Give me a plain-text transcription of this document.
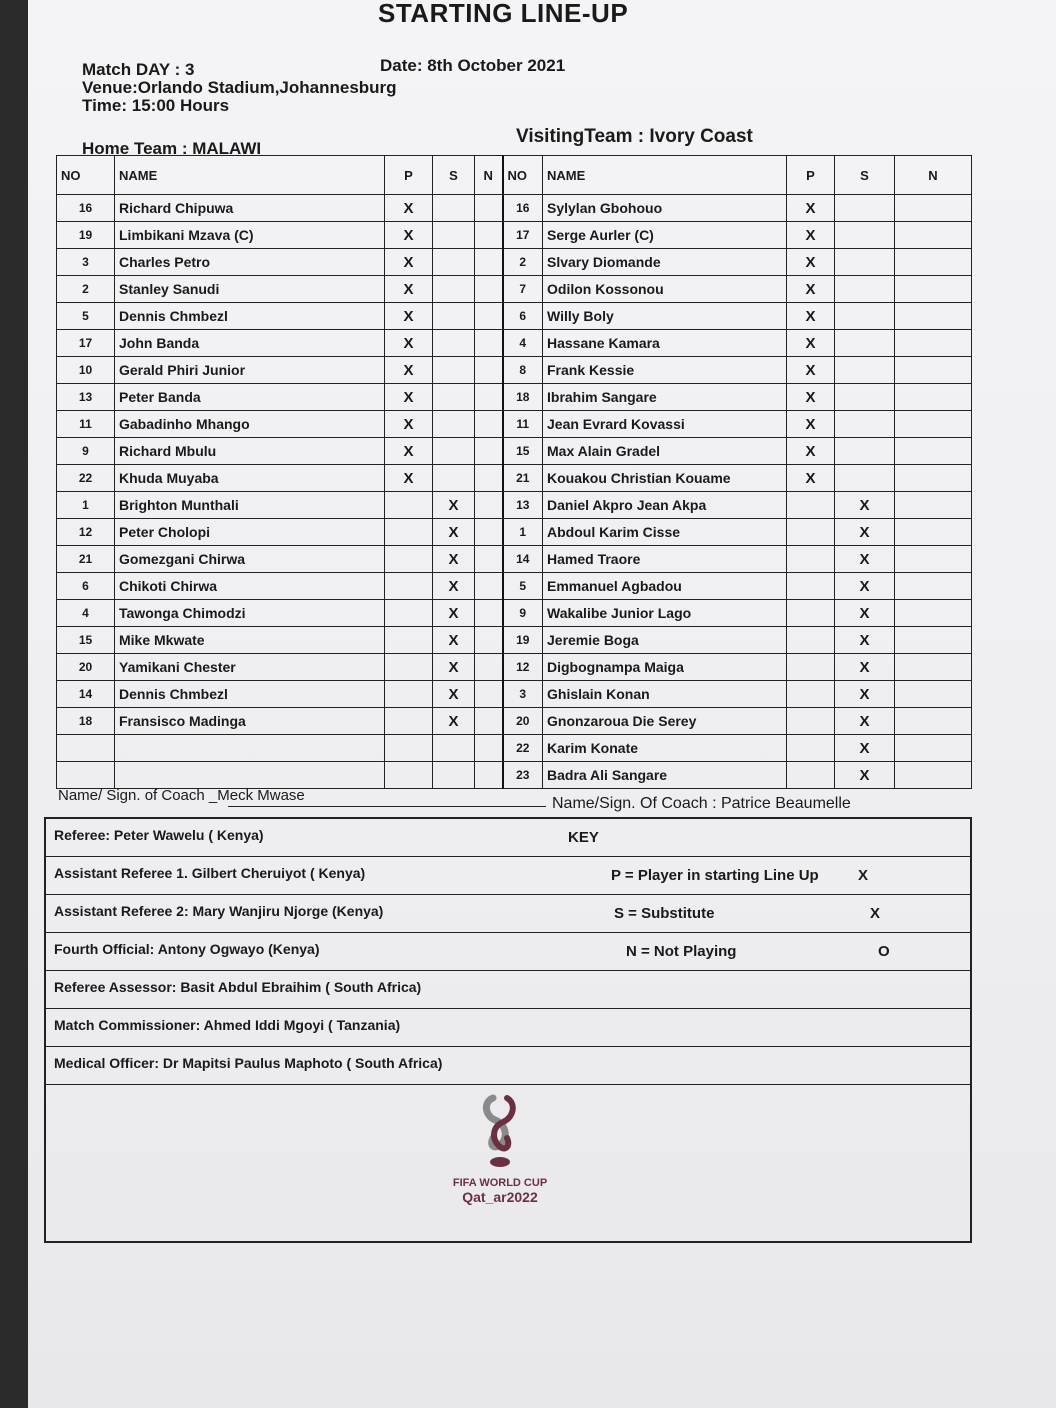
STARTING LINE-UP
Match DAY : 3	Date: 8th October 2021
Venue:Orlando Stadium,Johannesburg
Time: 15:00 Hours
Home Team : MALAWI
VisitingTeam : Ivory Coast
NO	NAME	P	S	N	NO	NAME	P	S	N
16	Richard Chipuwa	X			16	Sylylan Gbohouo	X		
19	Limbikani Mzava (C)	X			17	Serge Aurler (C)	X		
3	Charles Petro	X			2	Slvary Diomande	X		
2	Stanley Sanudi	X			7	Odilon Kossonou	X		
5	Dennis Chmbezl	X			6	Willy Boly	X		
17	John Banda	X			4	Hassane Kamara	X		
10	Gerald Phiri Junior	X			8	Frank Kessie	X		
13	Peter Banda	X			18	Ibrahim Sangare	X		
11	Gabadinho Mhango	X			11	Jean Evrard Kovassi	X		
9	Richard Mbulu	X			15	Max Alain Gradel	X		
22	Khuda Muyaba	X			21	Kouakou Christian Kouame	X		
1	Brighton Munthali		X		13	Daniel Akpro Jean Akpa		X	
12	Peter Cholopi		X		1	Abdoul Karim Cisse		X	
21	Gomezgani Chirwa		X		14	Hamed Traore		X	
6	Chikoti Chirwa		X		5	Emmanuel Agbadou		X	
4	Tawonga Chimodzi		X		9	Wakalibe Junior Lago		X	
15	Mike Mkwate		X		19	Jeremie Boga		X	
20	Yamikani Chester		X		12	Digbognampa Maiga		X	
14	Dennis Chmbezl		X		3	Ghislain Konan		X	
18	Fransisco Madinga		X		20	Gnonzaroua Die Serey		X	
					22	Karim Konate		X	
					23	Badra Ali Sangare		X	
Name/ Sign. of Coach _Meck Mwase	Name/Sign. Of Coach : Patrice Beaumelle
Referee: Peter Wawelu ( Kenya)	KEY
Assistant Referee 1. Gilbert Cheruiyot ( Kenya)	P = Player in starting Line Up	X
Assistant Referee 2: Mary Wanjiru Njorge (Kenya)	S = Substitute	X
Fourth Official: Antony Ogwayo (Kenya)	N = Not Playing	O
Referee Assessor: Basit Abdul Ebraihim ( South Africa)
Match Commissioner: Ahmed Iddi Mgoyi ( Tanzania)
Medical Officer: Dr Mapitsi Paulus Maphoto ( South Africa)
FIFA WORLD CUP
Qat_ar2022
